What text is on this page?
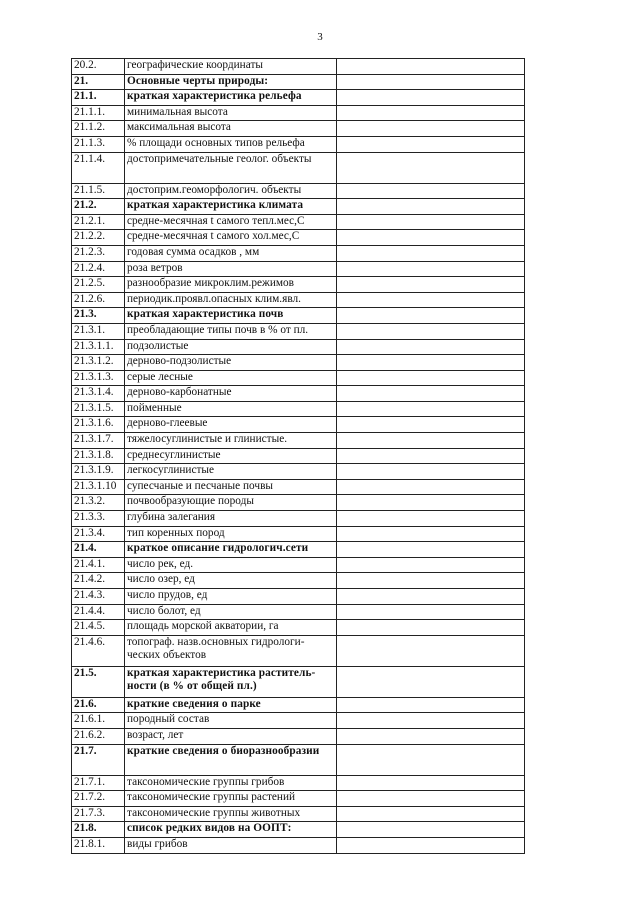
3
20.2.	географические координаты	
21.	Основные черты природы:	
21.1.	краткая характеристика рельефа	
21.1.1.	минимальная высота	
21.1.2.	максимальная высота	
21.1.3.	% площади основных типов рельефа	
21.1.4.	достопримечательные геолог. объекты	
21.1.5.	достоприм.геоморфологич. объекты	
21.2.	краткая характеристика климата	
21.2.1.	средне-месячная t самого тепл.мес,С	
21.2.2.	средне-месячная t самого хол.мес,С	
21.2.3.	годовая сумма осадков , мм	
21.2.4.	роза ветров	
21.2.5.	разнообразие микроклим.режимов	
21.2.6.	периодик.проявл.опасных клим.явл.	
21.3.	краткая характеристика почв	
21.3.1.	преобладающие типы почв в % от пл.	
21.3.1.1.	подзолистые	
21.3.1.2.	дерново-подзолистые	
21.3.1.3.	серые лесные	
21.3.1.4.	дерново-карбонатные	
21.3.1.5.	пойменные	
21.3.1.6.	дерново-глеевые	
21.3.1.7.	тяжелосуглинистые и глинистые.	
21.3.1.8.	среднесуглинистые	
21.3.1.9.	легкосуглинистые	
21.3.1.10	супесчаные и песчаные почвы	
21.3.2.	почвообразующие породы	
21.3.3.	глубина залегания	
21.3.4.	тип коренных пород	
21.4.	краткое описание гидрологич.сети	
21.4.1.	число рек, ед.	
21.4.2.	число озер, ед	
21.4.3.	число прудов, ед	
21.4.4.	число болот, ед	
21.4.5.	площадь морской акватории, га	
21.4.6.	топограф. назв.основных гидрологи-ческих объектов	
21.5.	краткая характеристика раститель-ности (в % от общей пл.)	
21.6.	краткие сведения о парке	
21.6.1.	породный состав	
21.6.2.	возраст, лет	
21.7.	краткие сведения о биоразнообразии	
21.7.1.	таксономические группы грибов	
21.7.2.	таксономические группы растений	
21.7.3.	таксономические группы животных	
21.8.	список редких видов на ООПТ:	
21.8.1.	виды грибов	
